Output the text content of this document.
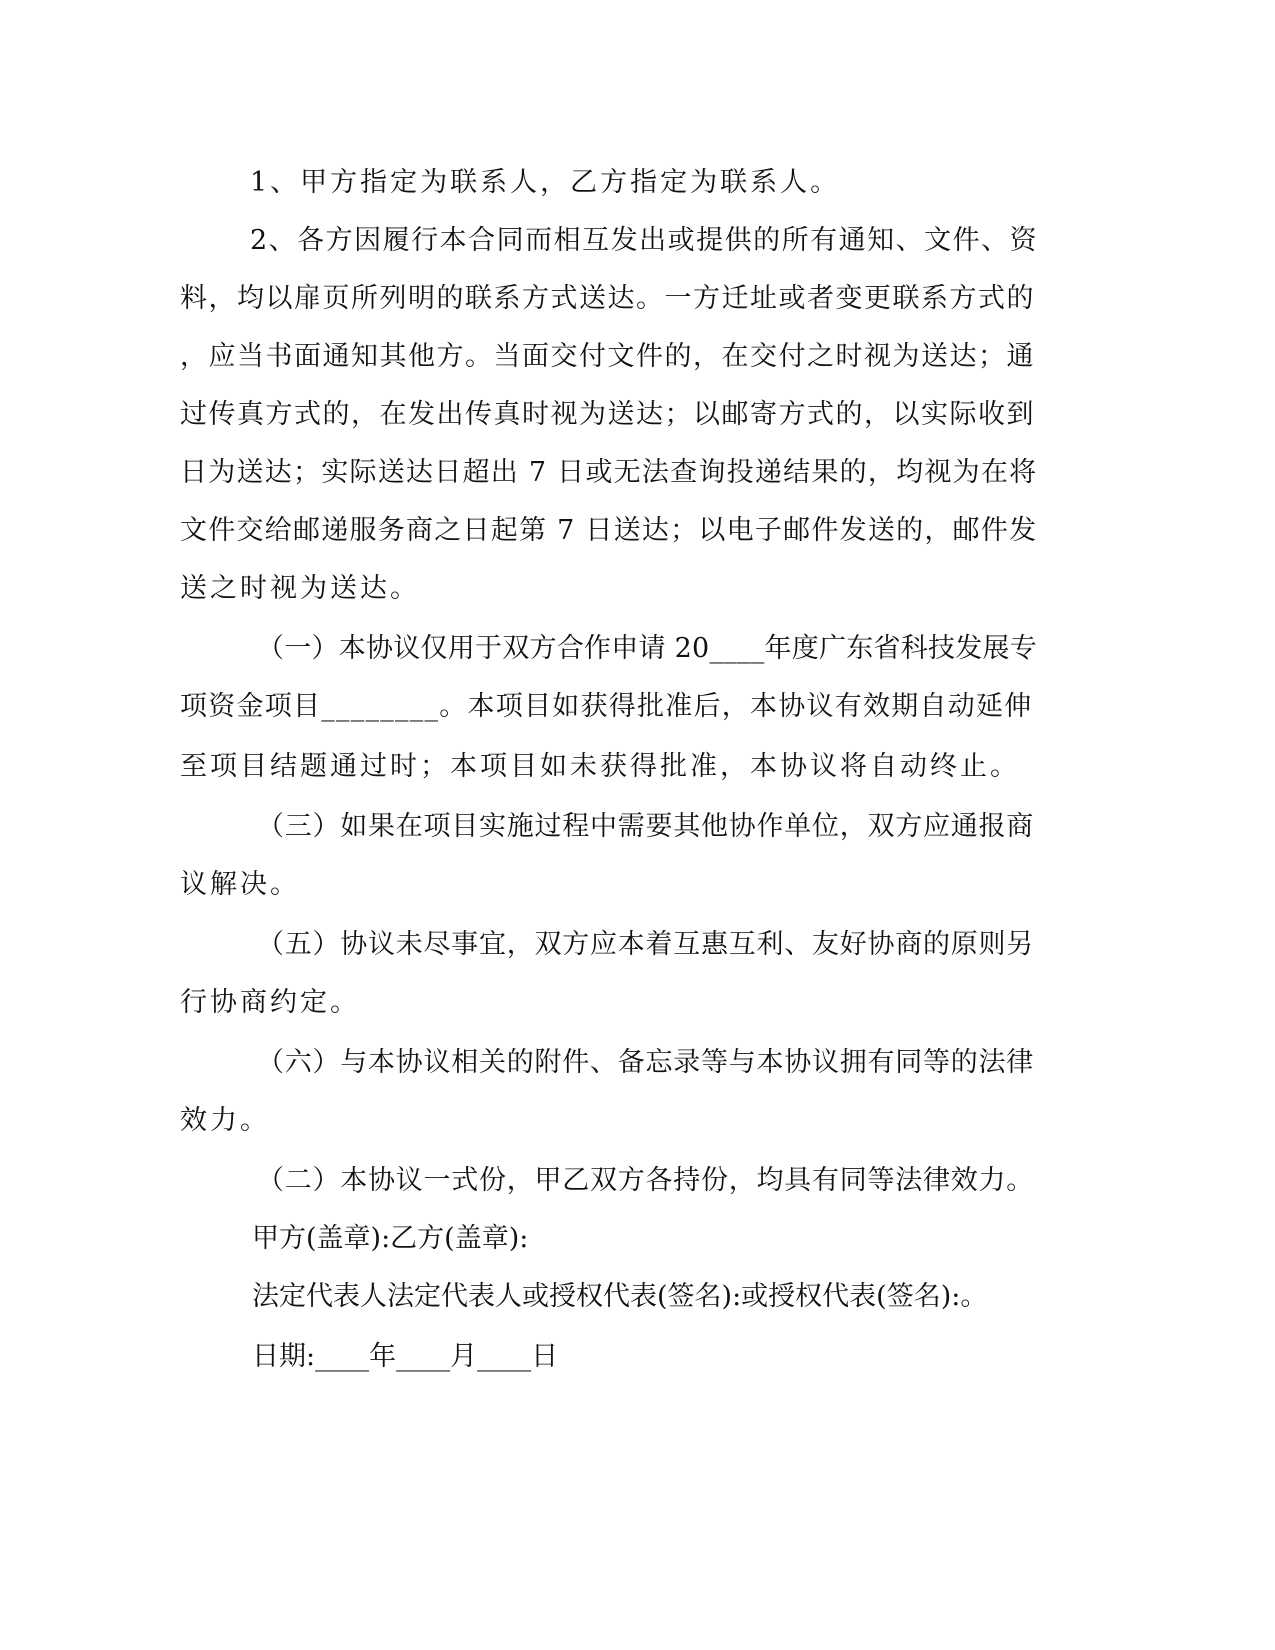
1、甲方指定为联系人，乙方指定为联系人。
2、各方因履行本合同而相互发出或提供的所有通知、文件、资
料，均以扉页所列明的联系方式送达。一方迁址或者变更联系方式的
，应当书面通知其他方。当面交付文件的，在交付之时视为送达；通
过传真方式的，在发出传真时视为送达；以邮寄方式的，以实际收到
日为送达；实际送达日超出 7 日或无法查询投递结果的，均视为在将
文件交给邮递服务商之日起第 7 日送达；以电子邮件发送的，邮件发
送之时视为送达。
（一）本协议仅用于双方合作申请 20____年度广东省科技发展专
项资金项目________。本项目如获得批准后，本协议有效期自动延伸
至项目结题通过时；本项目如未获得批准，本协议将自动终止。
（三）如果在项目实施过程中需要其他协作单位，双方应通报商
议解决。
（五）协议未尽事宜，双方应本着互惠互利、友好协商的原则另
行协商约定。
（六）与本协议相关的附件、备忘录等与本协议拥有同等的法律
效力。
（二）本协议一式份，甲乙双方各持份，均具有同等法律效力。
甲方(盖章):乙方(盖章):
法定代表人法定代表人或授权代表(签名):或授权代表(签名):。
日期:____年____月____日
